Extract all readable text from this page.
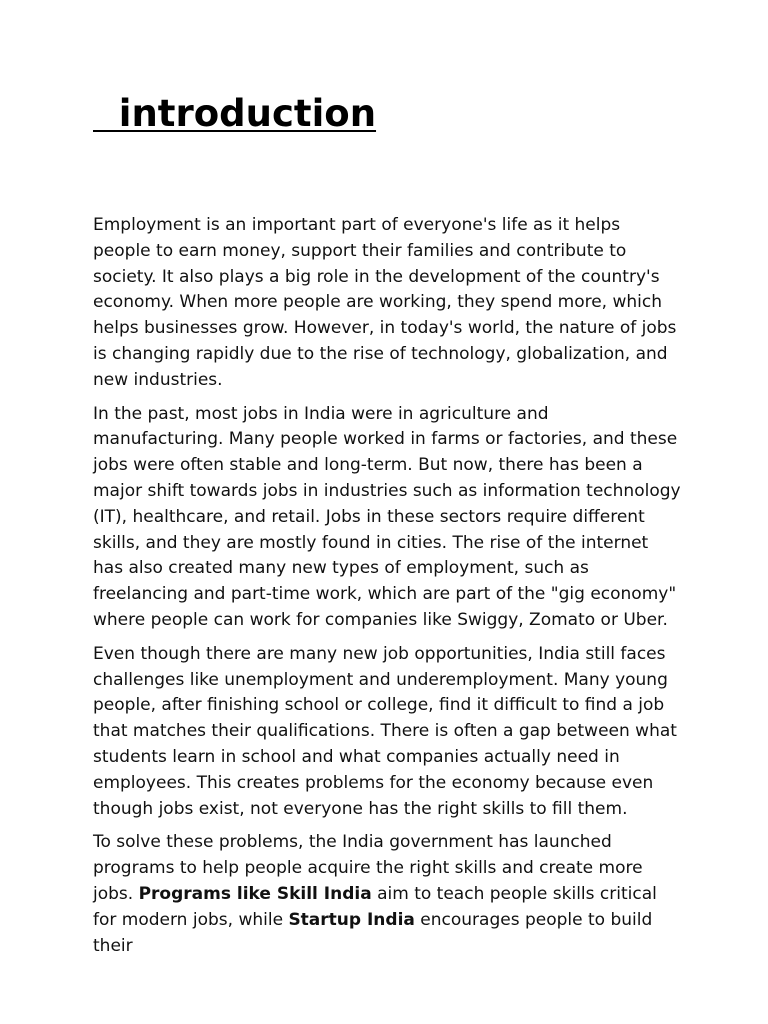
introduction

Employment is an important part of everyone's life as it helps people to earn money, support their families and contribute to society. It also plays a big role in the development of the country's economy. When more people are working, they spend more, which helps businesses grow. However, in today's world, the nature of jobs is changing rapidly due to the rise of technology, globalization, and new industries.

In the past, most jobs in India were in agriculture and manufacturing. Many people worked in farms or factories, and these jobs were often stable and long-term. But now, there has been a major shift towards jobs in industries such as information technology (IT), healthcare, and retail. Jobs in these sectors require different skills, and they are mostly found in cities. The rise of the internet has also created many new types of employment, such as freelancing and part-time work, which are part of the "gig economy" where people can work for companies like Swiggy, Zomato or Uber.

Even though there are many new job opportunities, India still faces challenges like unemployment and underemployment. Many young people, after finishing school or college, find it difficult to find a job that matches their qualifications. There is often a gap between what students learn in school and what companies actually need in employees. This creates problems for the economy because even though jobs exist, not everyone has the right skills to fill them.

To solve these problems, the India government has launched programs to help people acquire the right skills and create more jobs. Programs like Skill India aim to teach people skills critical for modern jobs, while Startup India encourages people to build their
